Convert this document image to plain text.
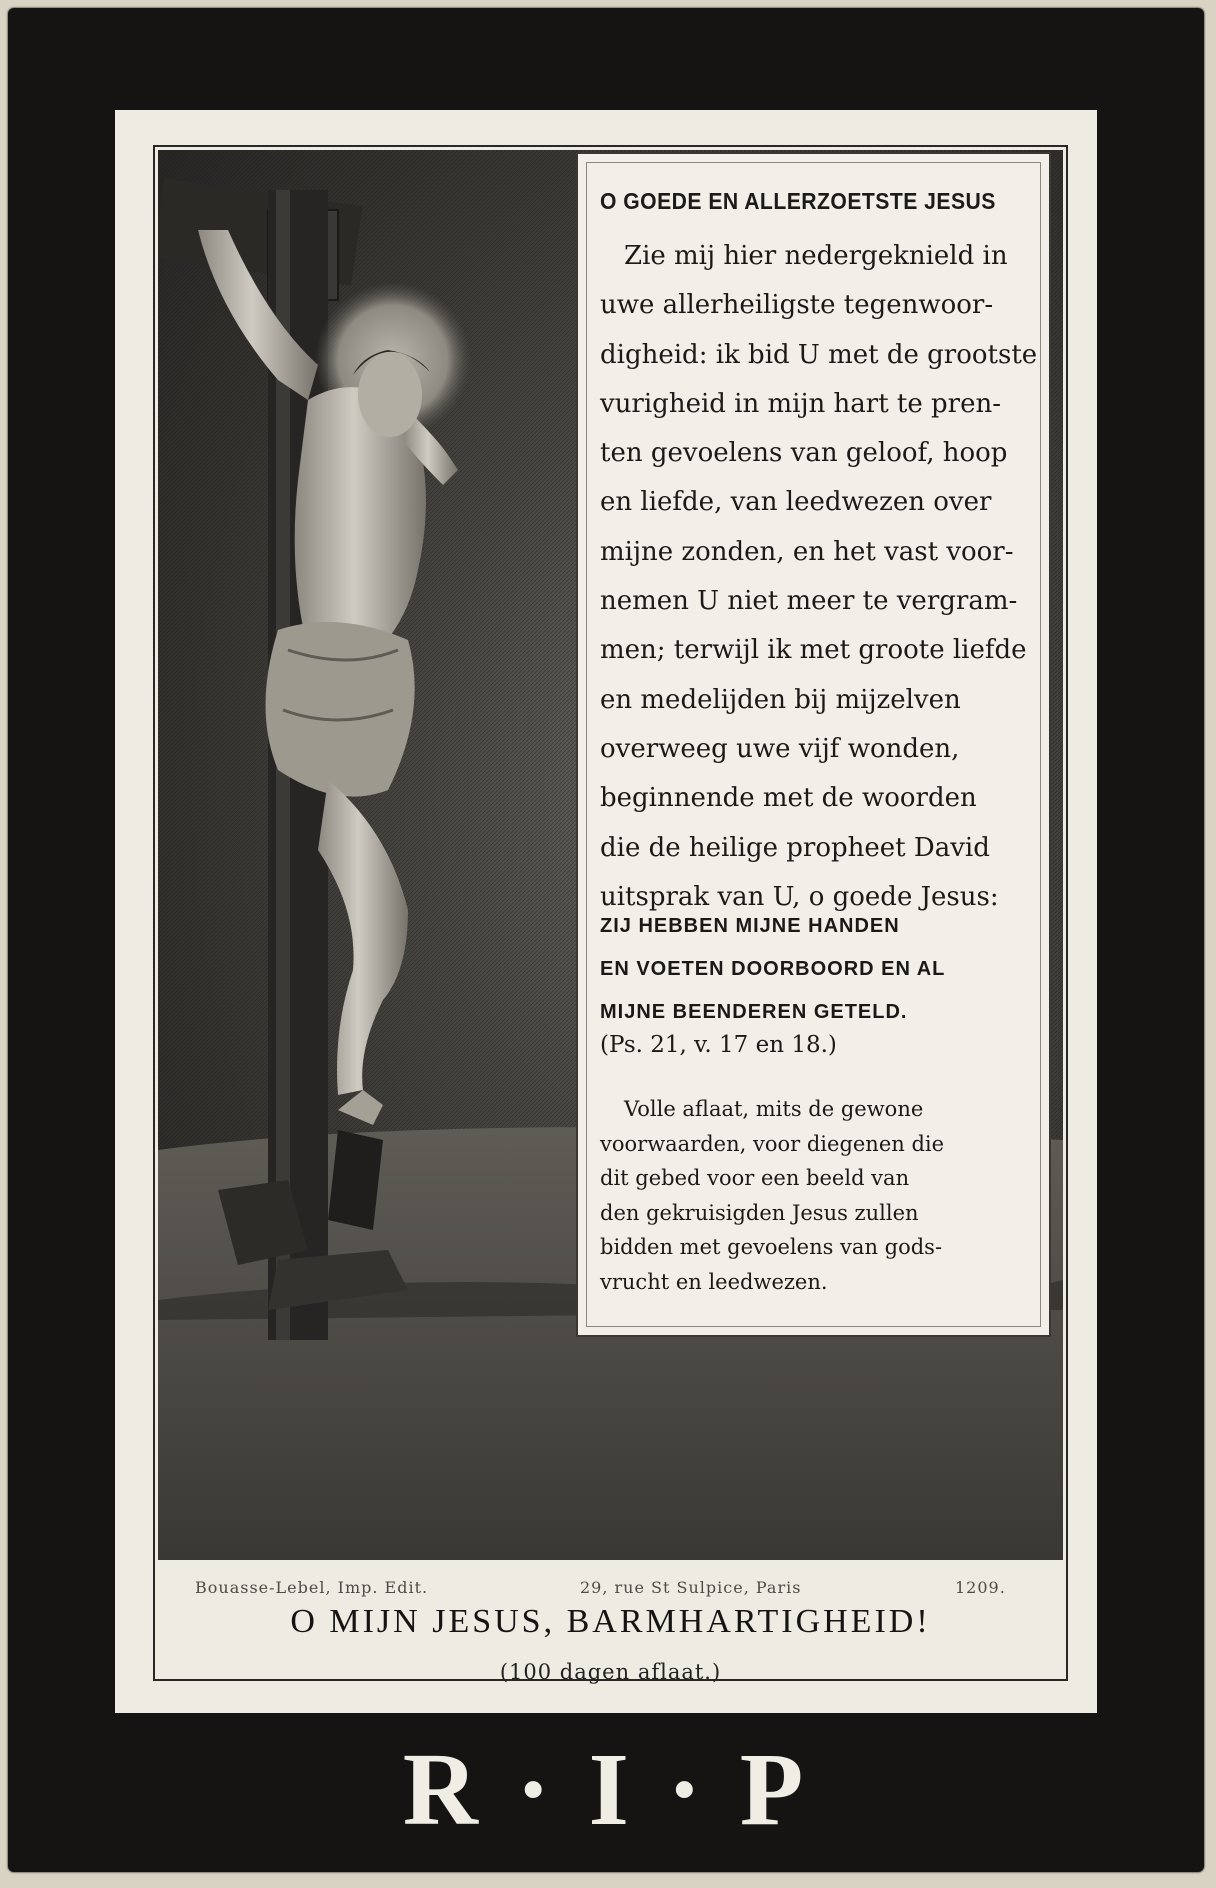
O GOEDE EN ALLERZOETSTE JESUS
Zie mij hier nedergeknield in
uwe allerheiligste tegenwoor-
digheid: ik bid U met de grootste
vurigheid in mijn hart te pren-
ten gevoelens van geloof, hoop
en liefde, van leedwezen over
mijne zonden, en het vast voor-
nemen U niet meer te vergram-
men; terwijl ik met groote liefde
en medelijden bij mijzelven
overweeg uwe vijf wonden,
beginnende met de woorden
die de heilige propheet David
uitsprak van U, o goede Jesus:
ZIJ HEBBEN MIJNE HANDEN
EN VOETEN DOORBOORD EN AL
MIJNE BEENDEREN GETELD.
(Ps. 21, v. 17 en 18.)
Volle aflaat, mits de gewone
voorwaarden, voor diegenen die
dit gebed voor een beeld van
den gekruisigden Jesus zullen
bidden met gevoelens van gods-
vrucht en leedwezen.
Bouasse-Lebel, Imp. Edit.	29, rue St Sulpice, Paris	1209.
O MIJN JESUS, BARMHARTIGHEID!
(100 dagen aflaat.)
R · I · P
